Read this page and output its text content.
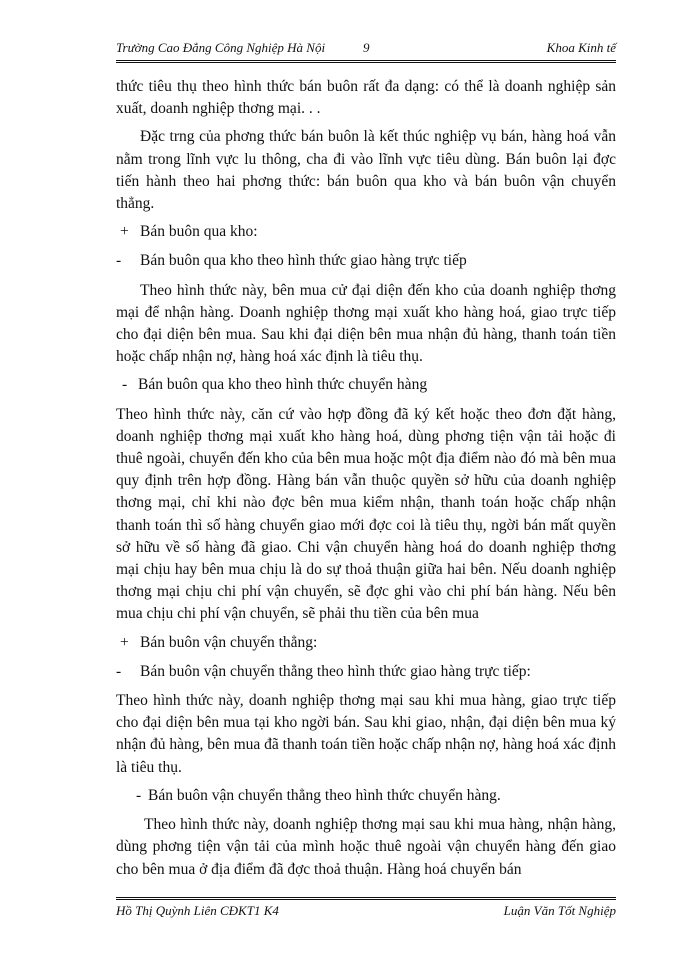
Trường Cao Đẳng Công Nghiệp Hà Nội	9	Khoa Kinh tế

thức tiêu thụ theo hình thức bán buôn rất đa dạng: có thể là doanh nghiệp sản xuất, doanh nghiệp thơng mại. . .

Đặc trng của phơng thức bán buôn là kết thúc nghiệp vụ bán, hàng hoá vẫn nằm trong lĩnh vực lu thông, cha đi vào lĩnh vực tiêu dùng. Bán buôn lại đợc tiến hành theo hai phơng thức: bán buôn qua kho và bán buôn vận chuyển thẳng.

+ Bán buôn qua kho:
- Bán buôn qua kho theo hình thức giao hàng trực tiếp

Theo hình thức này, bên mua cử đại diện đến kho của doanh nghiệp thơng mại để nhận hàng. Doanh nghiệp thơng mại xuất kho hàng hoá, giao trực tiếp cho đại diện bên mua. Sau khi đại diện bên mua nhận đủ hàng, thanh toán tiền hoặc chấp nhận nợ, hàng hoá xác định là tiêu thụ.

- Bán buôn qua kho theo hình thức chuyển hàng

Theo hình thức này, căn cứ vào hợp đồng đã ký kết hoặc theo đơn đặt hàng, doanh nghiệp thơng mại xuất kho hàng hoá, dùng phơng tiện vận tải hoặc đi thuê ngoài, chuyển đến kho của bên mua hoặc một địa điểm nào đó mà bên mua quy định trên hợp đồng. Hàng bán vẫn thuộc quyền sở hữu của doanh nghiệp thơng mại, chỉ khi nào đợc bên mua kiểm nhận, thanh toán hoặc chấp nhận thanh toán thì số hàng chuyển giao mới đợc coi là tiêu thụ, ngời bán mất quyền sở hữu về số hàng đã giao. Chi vận chuyển hàng hoá do doanh nghiệp thơng mại chịu hay bên mua chịu là do sự thoả thuận giữa hai bên. Nếu doanh nghiệp thơng mại chịu chi phí vận chuyển, sẽ đợc ghi vào chi phí bán hàng. Nếu bên mua chịu chi phí vận chuyển, sẽ phải thu tiền của bên mua

+ Bán buôn vận chuyển thẳng:
- Bán buôn vận chuyển thẳng theo hình thức giao hàng trực tiếp:

Theo hình thức này, doanh nghiệp thơng mại sau khi mua hàng, giao trực tiếp cho đại diện bên mua tại kho ngời bán. Sau khi giao, nhận, đại diện bên mua ký nhận đủ hàng, bên mua đã thanh toán tiền hoặc chấp nhận nợ, hàng hoá xác định là tiêu thụ.

- Bán buôn vận chuyển thẳng theo hình thức chuyển hàng.

Theo hình thức này, doanh nghiệp thơng mại sau khi mua hàng, nhận hàng, dùng phơng tiện vận tải của mình hoặc thuê ngoài vận chuyển hàng đến giao cho bên mua ở địa điểm đã đợc thoả thuận. Hàng hoá chuyển bán

Hồ Thị Quỳnh Liên CĐKT1 K4	Luận Văn Tốt Nghiệp
